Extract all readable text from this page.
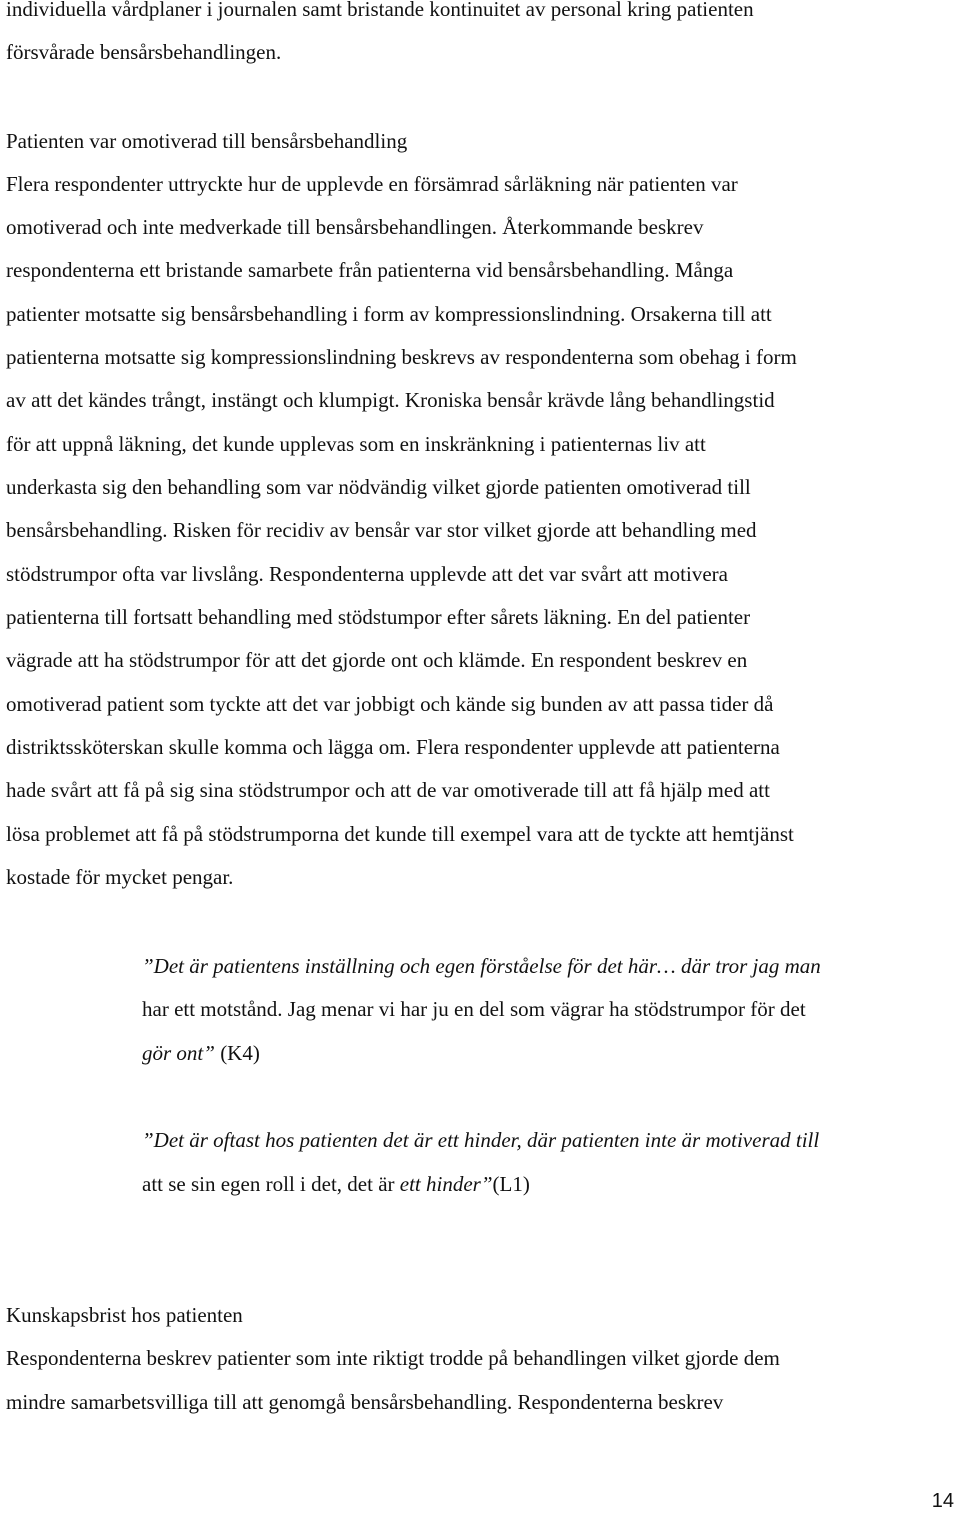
individuella vårdplaner i journalen samt bristande kontinuitet av personal kring patienten
försvårade bensårsbehandlingen.
Patienten var omotiverad till bensårsbehandling
Flera respondenter uttryckte hur de upplevde en försämrad sårläkning när patienten var
omotiverad och inte medverkade till bensårsbehandlingen. Återkommande beskrev
respondenterna ett bristande samarbete från patienterna vid bensårsbehandling. Många
patienter motsatte sig bensårsbehandling i form av kompressionslindning. Orsakerna till att
patienterna motsatte sig kompressionslindning beskrevs av respondenterna som obehag i form
av att det kändes trångt, instängt och klumpigt. Kroniska bensår krävde lång behandlingstid
för att uppnå läkning, det kunde upplevas som en inskränkning i patienternas liv att
underkasta sig den behandling som var nödvändig vilket gjorde patienten omotiverad till
bensårsbehandling. Risken för recidiv av bensår var stor vilket gjorde att behandling med
stödstrumpor ofta var livslång. Respondenterna upplevde att det var svårt att motivera
patienterna till fortsatt behandling med stödstumpor efter sårets läkning. En del patienter
vägrade att ha stödstrumpor för att det gjorde ont och klämde. En respondent beskrev en
omotiverad patient som tyckte att det var jobbigt och kände sig bunden av att passa tider då
distriktssköterskan skulle komma och lägga om. Flera respondenter upplevde att patienterna
hade svårt att få på sig sina stödstrumpor och att de var omotiverade till att få hjälp med att
lösa problemet att få på stödstrumporna det kunde till exempel vara att de tyckte att hemtjänst
kostade för mycket pengar.
”Det är patientens inställning och egen förståelse för det här… där tror jag man
har ett motstånd. Jag menar vi har ju en del som vägrar ha stödstrumpor för det
gör ont” (K4)
”Det är oftast hos patienten det är ett hinder, där patienten inte är motiverad till
att se sin egen roll i det, det är ett hinder”(L1)
Kunskapsbrist hos patienten
Respondenterna beskrev patienter som inte riktigt trodde på behandlingen vilket gjorde dem
mindre samarbetsvilliga till att genomgå bensårsbehandling. Respondenterna beskrev
14
